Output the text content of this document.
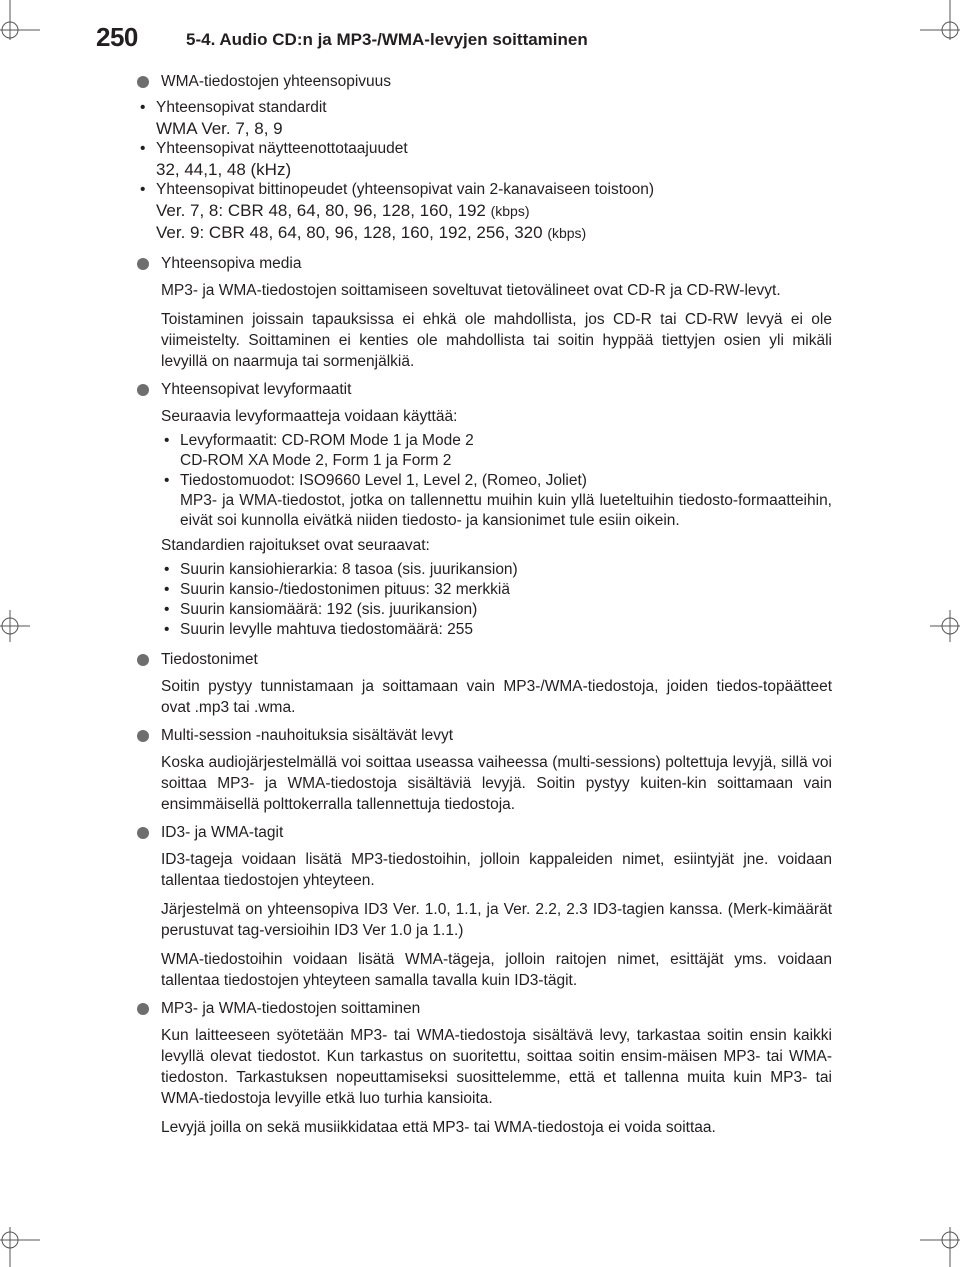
250	5-4. Audio CD:n ja MP3-/WMA-levyjen soittaminen
WMA-tiedostojen yhteensopivuus
• Yhteensopivat standardit
WMA Ver. 7, 8, 9
• Yhteensopivat näytteenottotaajuudet
32, 44,1, 48 (kHz)
• Yhteensopivat bittinopeudet (yhteensopivat vain 2-kanavaiseen toistoon)
Ver. 7, 8: CBR 48, 64, 80, 96, 128, 160, 192 (kbps)
Ver. 9: CBR 48, 64, 80, 96, 128, 160, 192, 256, 320 (kbps)
Yhteensopiva media

MP3- ja WMA-tiedostojen soittamiseen soveltuvat tietovälineet ovat CD-R ja CD-RW-levyt.

Toistaminen joissain tapauksissa ei ehkä ole mahdollista, jos CD-R tai CD-RW levyä ei ole viimeistelty. Soittaminen ei kenties ole mahdollista tai soitin hyppää tiettyjen osien yli mikäli levyillä on naarmuja tai sormenjälkiä.

Yhteensopivat levyformaatit

Seuraavia levyformaatteja voidaan käyttää:

• Levyformaatit: CD-ROM Mode 1 ja Mode 2
CD-ROM XA Mode 2, Form 1 ja Form 2
• Tiedostomuodot: ISO9660 Level 1, Level 2, (Romeo, Joliet)
MP3- ja WMA-tiedostot, jotka on tallennettu muihin kuin yllä lueteltuihin tiedosto-formaatteihin, eivät soi kunnolla eivätkä niiden tiedosto- ja kansionimet tule esiin oikein.

Standardien rajoitukset ovat seuraavat:

• Suurin kansiohierarkia: 8 tasoa (sis. juurikansion)
• Suurin kansio-/tiedostonimen pituus: 32 merkkiä
• Suurin kansiomäärä: 192 (sis. juurikansion)
• Suurin levylle mahtuva tiedostomäärä: 255
Tiedostonimet

Soitin pystyy tunnistamaan ja soittamaan vain MP3-/WMA-tiedostoja, joiden tiedos-topäätteet ovat .mp3 tai .wma.

Multi-session -nauhoituksia sisältävät levyt

Koska audiojärjestelmällä voi soittaa useassa vaiheessa (multi-sessions) poltettuja levyjä, sillä voi soittaa MP3- ja WMA-tiedostoja sisältäviä levyjä. Soitin pystyy kuiten-kin soittamaan vain ensimmäisellä polttokerralla tallennettuja tiedostoja.

ID3- ja WMA-tagit

ID3-tageja voidaan lisätä MP3-tiedostoihin, jolloin kappaleiden nimet, esiintyjät jne. voidaan tallentaa tiedostojen yhteyteen.

Järjestelmä on yhteensopiva ID3 Ver. 1.0, 1.1, ja Ver. 2.2, 2.3 ID3-tagien kanssa. (Merk-kimäärät perustuvat tag-versioihin ID3 Ver 1.0 ja 1.1.)

WMA-tiedostoihin voidaan lisätä WMA-tägeja, jolloin raitojen nimet, esittäjät yms. voidaan tallentaa tiedostojen yhteyteen samalla tavalla kuin ID3-tägit.

MP3- ja WMA-tiedostojen soittaminen

Kun laitteeseen syötetään MP3- tai WMA-tiedostoja sisältävä levy, tarkastaa soitin ensin kaikki levyllä olevat tiedostot. Kun tarkastus on suoritettu, soittaa soitin ensim-mäisen MP3- tai WMA-tiedoston. Tarkastuksen nopeuttamiseksi suosittelemme, että et tallenna muita kuin MP3- tai WMA-tiedostoja levyille etkä luo turhia kansioita.

Levyjä joilla on sekä musiikkidataa että MP3- tai WMA-tiedostoja ei voida soittaa.
